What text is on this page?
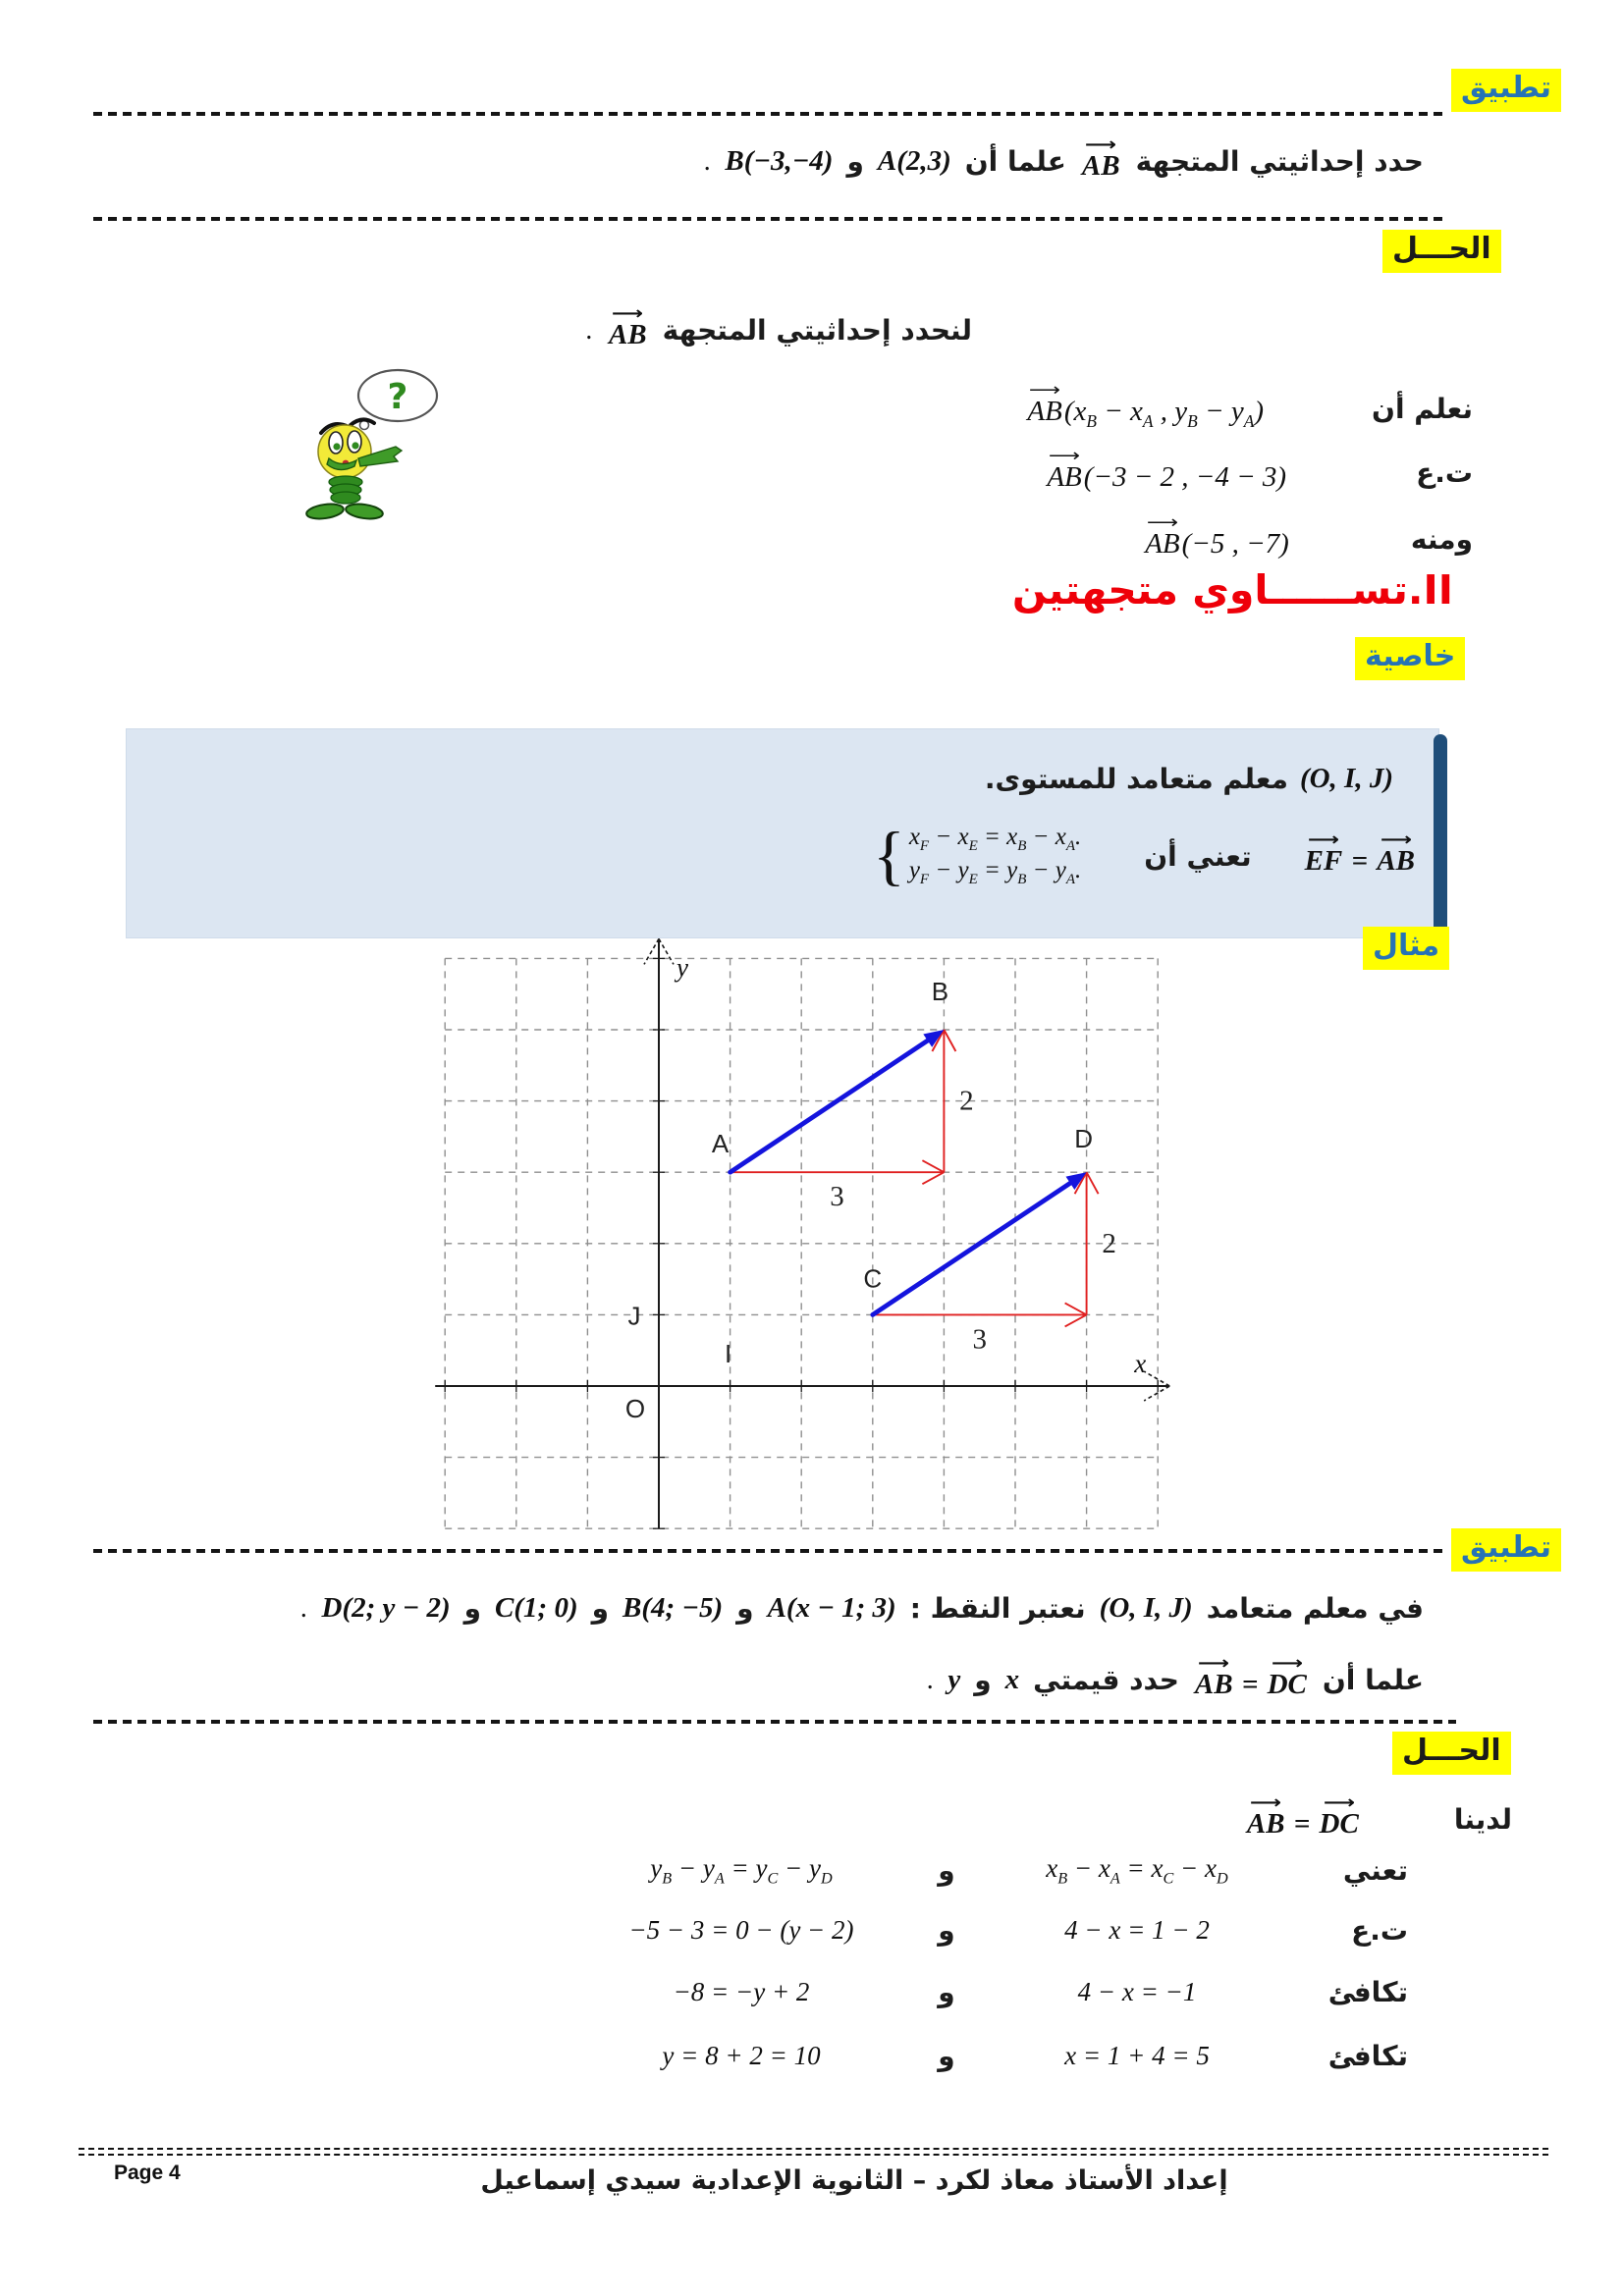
تطبيق
حدد إحداثيتي المتجهة
⟶ AB
علما أن
A(2,3)
و
B(−3,−4)
.
الحـــل
لنحدد إحداثيتي المتجهة
⟶ AB
.
?	نعلم أن
⟶ $AB(x_B - x_A$ , $y_B - y_A$)
ت.ع
⟶ AB(−3 − 2 , −4 − 3)
ومنه
⟶ AB(−5 , −7)
II.تســــــاوي متجهتين
خاصية
(O, I, J)
معلم متعامد للمستوى.
⟶ EF = ⟶ AB
تعني أن
{ $x_F - x_E = x_B - x_A$.
$y_F - y_E = y_B - y_A$.
مثال
x
y
O
I
J
3
2
3
2
A
B
C
D
تطبيق
في معلم متعامد
(O, I, J)
نعتبر النقط :
A(x − 1; 3)
و
B(4; −5)
و
C(1; 0)
و
D(2; y − 2)
.
علما أن
⟶ AB = ⟶ DC
حدد قيمتي
x
و
y
.
الحـــل
لدينا
⟶ AB = ⟶ DC
تعني
$x_B - x_A = x_C - x_D$
و
$y_B - y_A = y_C - y_D$
ت.ع
4 − x = 1 − 2
و
−5 − 3 = 0 − (y − 2)
تكافئ
4 − x = −1
و
−8 = −y + 2
تكافئ
x = 1 + 4 = 5
و
y = 8 + 2 = 10
Page 4	إعداد الأستاذ معاذ لكرد – الثانوية الإعدادية سيدي إسماعيل
